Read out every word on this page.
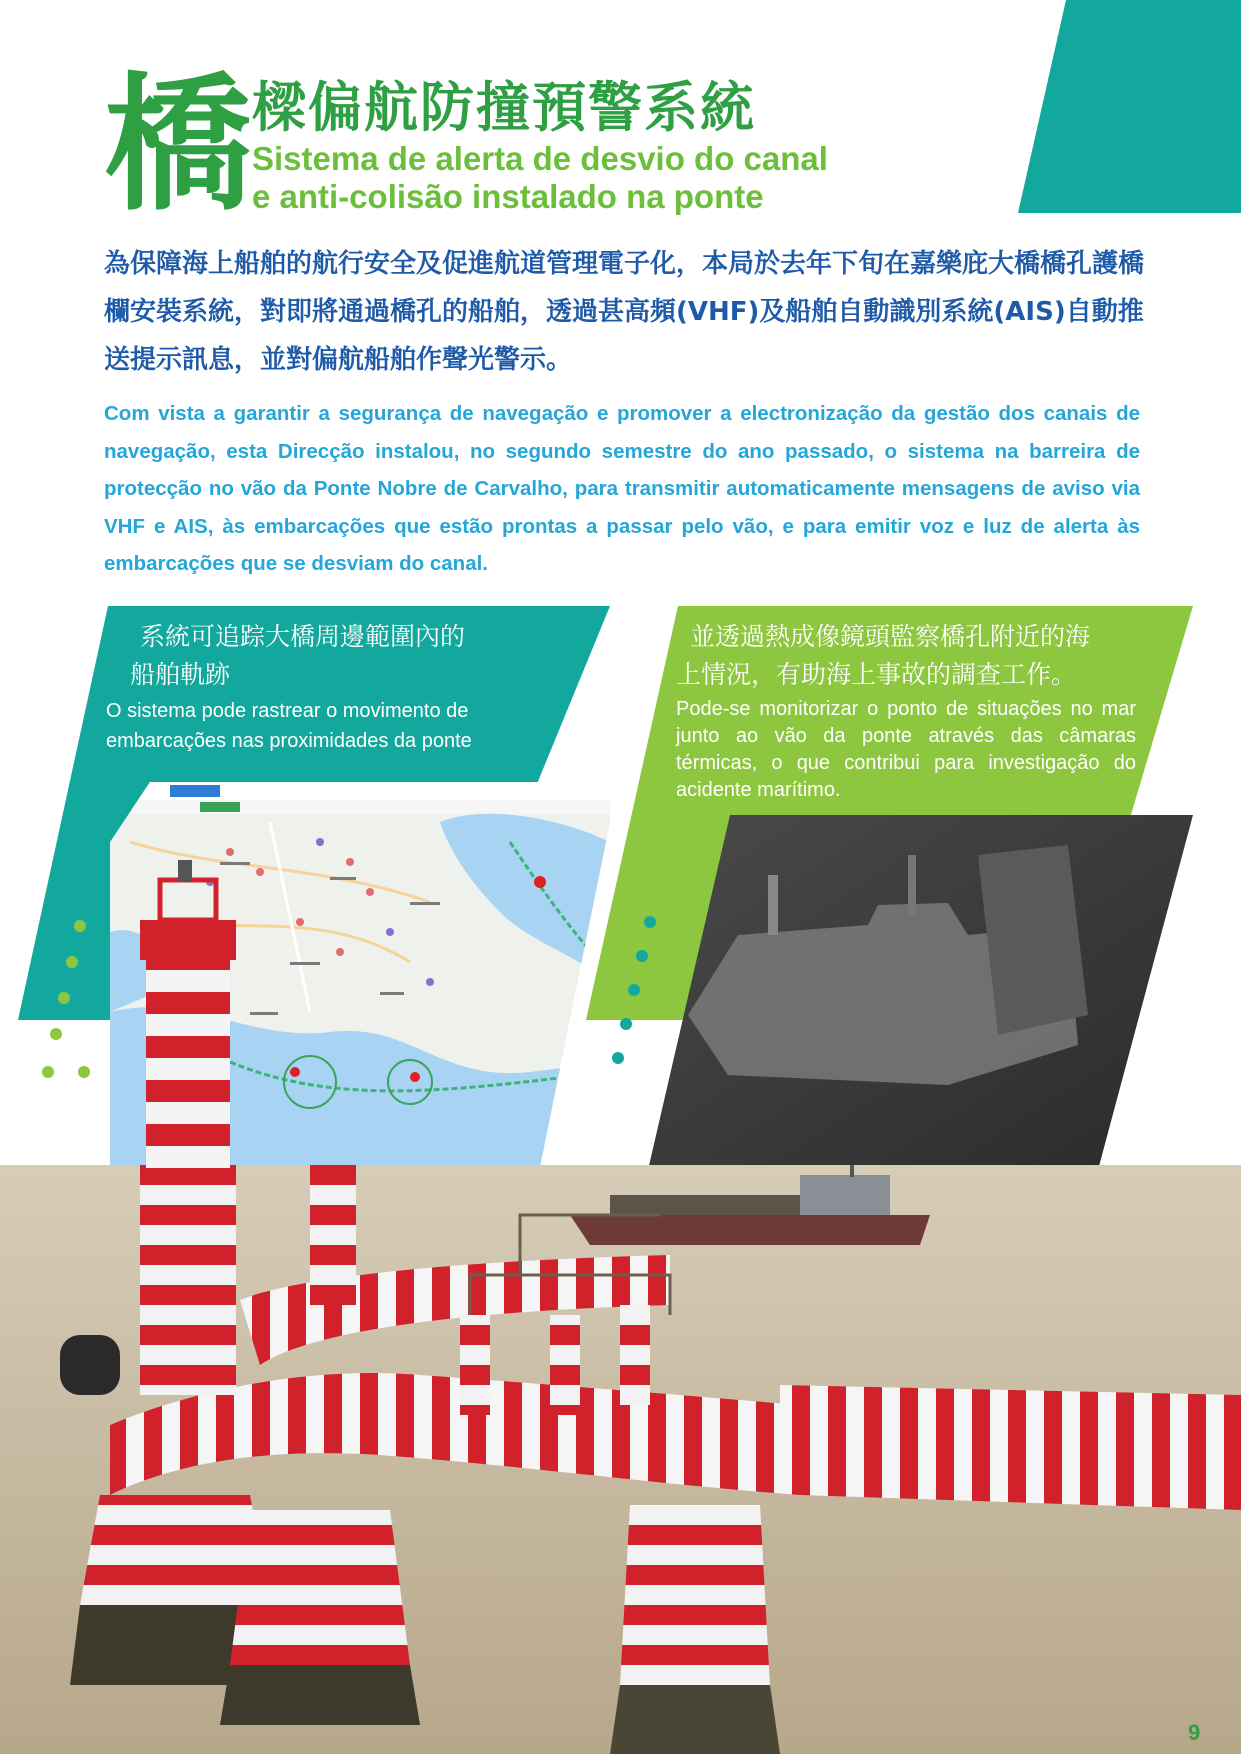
橋 樑偏航防撞預警系統
Sistema de alerta de desvio do canal
e anti-colisão instalado na ponte
為保障海上船舶的航行安全及促進航道管理電子化，本局於去年下旬在嘉樂庇大橋橋孔護橋欄安裝系統，對即將通過橋孔的船舶，透過甚高頻(VHF)及船舶自動識別系統(AIS)自動推送提示訊息，並對偏航船舶作聲光警示。
Com vista a garantir a segurança de navegação e promover a electronização da gestão dos canais de navegação, esta Direcção instalou, no segundo semestre do ano passado, o sistema na barreira de protecção no vão da Ponte Nobre de Carvalho, para transmitir automaticamente mensagens de aviso via VHF e AIS, às embarcações que estão prontas a passar pelo vão, e para emitir voz e luz de alerta às embarcações que se desviam do canal.
系統可追踪大橋周邊範圍內的
船舶軌跡
O sistema pode rastrear o movimento de embarcações nas proximidades da ponte
並透過熱成像鏡頭監察橋孔附近的海
上情況，有助海上事故的調查工作。
Pode-se monitorizar o ponto de situações no mar junto ao vão da ponte através das câmaras térmicas, o que contribui para investigação do acidente marítimo.
9
